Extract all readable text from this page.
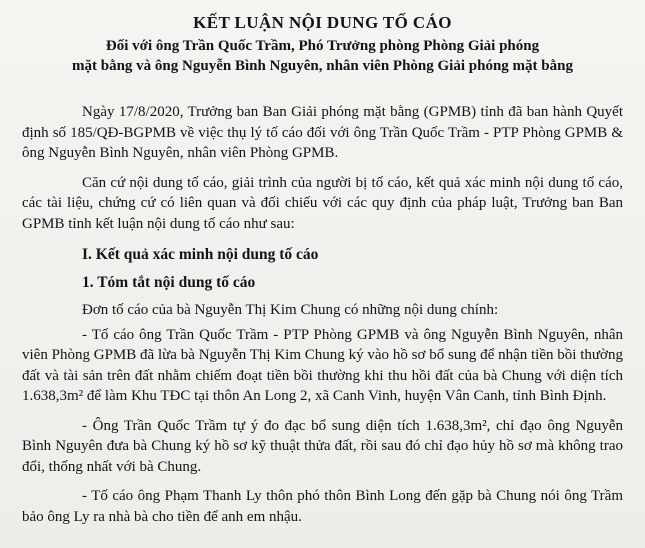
KẾT LUẬN NỘI DUNG TỐ CÁO
Đối với ông Trần Quốc Trầm, Phó Trưởng phòng Phòng Giải phóng
mặt bằng và ông Nguyễn Bình Nguyên, nhân viên Phòng Giải phóng mặt bằng

Ngày 17/8/2020, Trưởng ban Ban Giải phóng mặt bằng (GPMB) tỉnh đã ban hành Quyết định số 185/QĐ-BGPMB về việc thụ lý tố cáo đối với ông Trần Quốc Trầm - PTP Phòng GPMB & ông Nguyễn Bình Nguyên, nhân viên Phòng GPMB.

Căn cứ nội dung tố cáo, giải trình của người bị tố cáo, kết quả xác minh nội dung tố cáo, các tài liệu, chứng cứ có liên quan và đối chiếu với các quy định của pháp luật, Trưởng ban Ban GPMB tỉnh kết luận nội dung tố cáo như sau:

I. Kết quả xác minh nội dung tố cáo
1. Tóm tắt nội dung tố cáo

Đơn tố cáo của bà Nguyễn Thị Kim Chung có những nội dung chính:

- Tố cáo ông Trần Quốc Trầm - PTP Phòng GPMB và ông Nguyễn Bình Nguyên, nhân viên Phòng GPMB đã lừa bà Nguyễn Thị Kim Chung ký vào hồ sơ bổ sung để nhận tiền bồi thường đất và tài sản trên đất nhằm chiếm đoạt tiền bồi thường khi thu hồi đất của bà Chung với diện tích 1.638,3m² để làm Khu TĐC tại thôn An Long 2, xã Canh Vinh, huyện Vân Canh, tỉnh Bình Định.

- Ông Trần Quốc Trầm tự ý đo đạc bổ sung diện tích 1.638,3m², chỉ đạo ông Nguyễn Bình Nguyên đưa bà Chung ký hồ sơ kỹ thuật thửa đất, rồi sau đó chỉ đạo hủy hồ sơ mà không trao đổi, thống nhất với bà Chung.

- Tố cáo ông Phạm Thanh Ly thôn phó thôn Bình Long đến gặp bà Chung nói ông Trầm bảo ông Ly ra nhà bà cho tiền để anh em nhậu.
